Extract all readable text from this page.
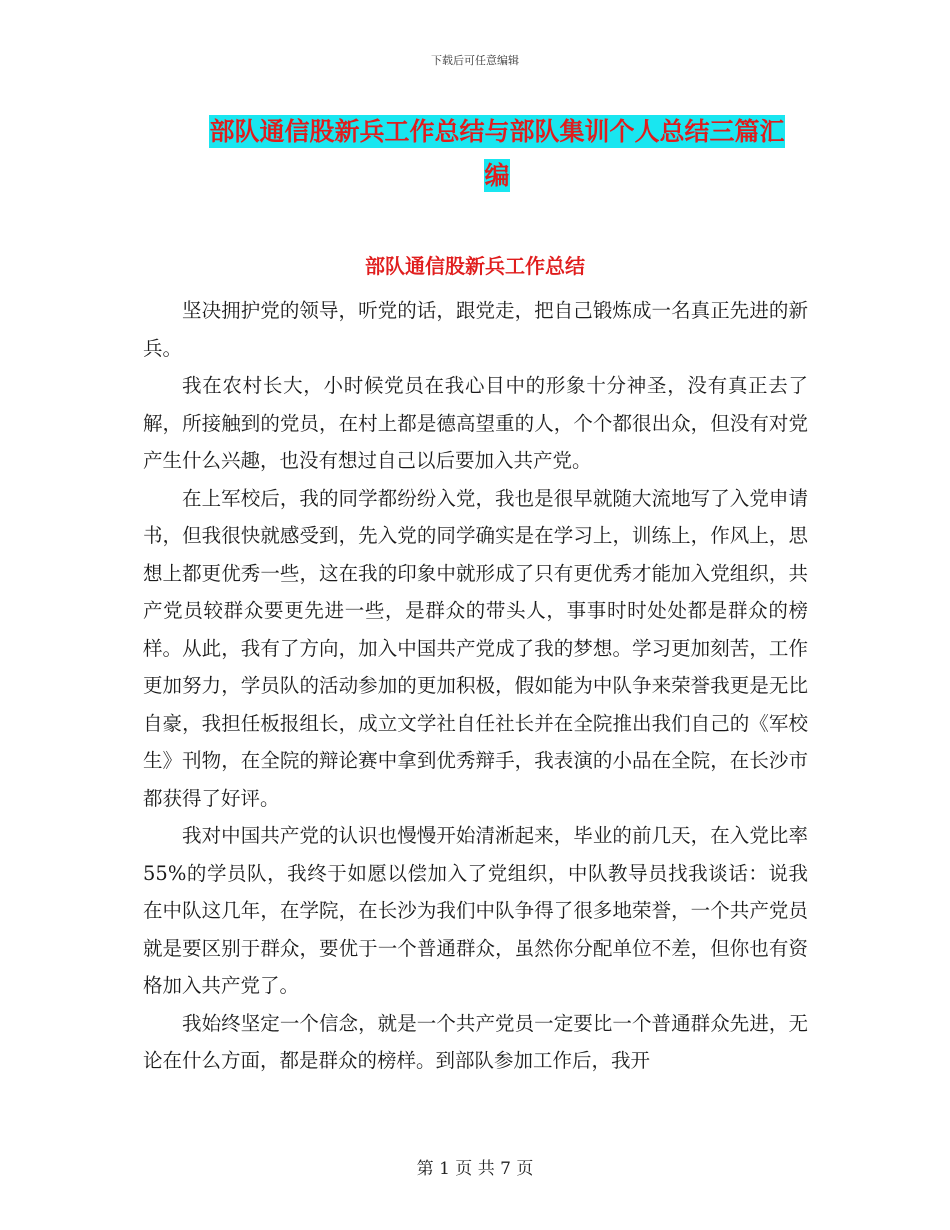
下载后可任意编辑
部队通信股新兵工作总结与部队集训个人总结三篇汇
编
部队通信股新兵工作总结

坚决拥护党的领导，听党的话，跟党走，把自己锻炼成一名真正先进的新兵。

我在农村长大，小时候党员在我心目中的形象十分神圣，没有真正去了解，所接触到的党员，在村上都是德高望重的人，个个都很出众，但没有对党产生什么兴趣，也没有想过自己以后要加入共产党。

在上军校后，我的同学都纷纷入党，我也是很早就随大流地写了入党申请书，但我很快就感受到，先入党的同学确实是在学习上，训练上，作风上，思想上都更优秀一些，这在我的印象中就形成了只有更优秀才能加入党组织，共产党员较群众要更先进一些，是群众的带头人，事事时时处处都是群众的榜样。从此，我有了方向，加入中国共产党成了我的梦想。学习更加刻苦，工作更加努力，学员队的活动参加的更加积极，假如能为中队争来荣誉我更是无比自豪，我担任板报组长，成立文学社自任社长并在全院推出我们自己的《军校生》刊物，在全院的辩论赛中拿到优秀辩手，我表演的小品在全院，在长沙市都获得了好评。

我对中国共产党的认识也慢慢开始清淅起来，毕业的前几天，在入党比率55%的学员队，我终于如愿以偿加入了党组织，中队教导员找我谈话：说我在中队这几年，在学院，在长沙为我们中队争得了很多地荣誉，一个共产党员就是要区别于群众，要优于一个普通群众，虽然你分配单位不差，但你也有资格加入共产党了。

我始终坚定一个信念，就是一个共产党员一定要比一个普通群众先进，无论在什么方面，都是群众的榜样。到部队参加工作后，我开

第 1 页 共 7 页
